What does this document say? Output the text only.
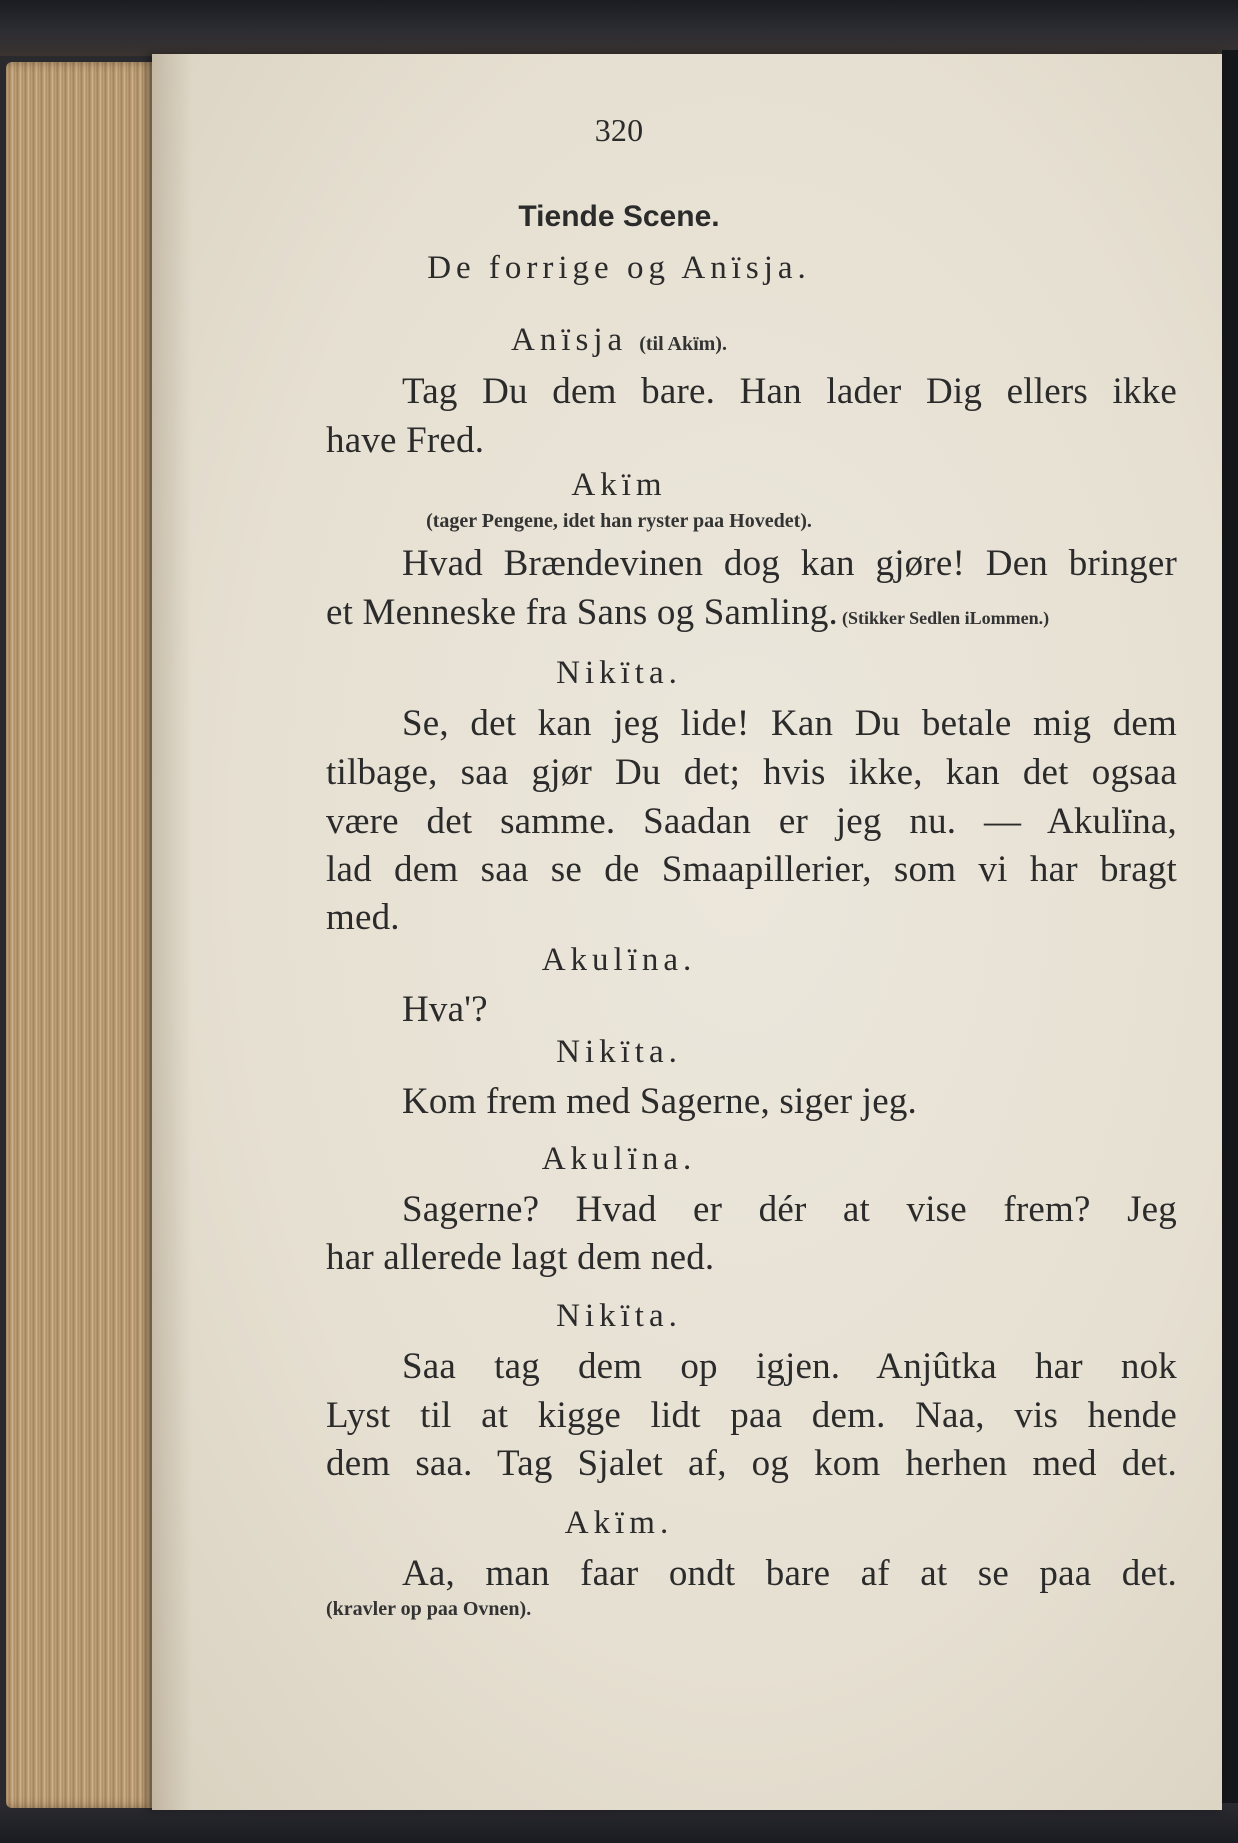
320
Tiende Scene.
De forrige og Anïsja.
Anïsja (til Akïm).
Tag Du dem bare. Han lader Dig ellers ikke
have Fred.
Akïm
(tager Pengene, idet han ryster paa Hovedet).
Hvad Brændevinen dog kan gjøre! Den bringer
et Menneske fra Sans og Samling. (Stikker Sedlen iLommen.)
Nikïta.
Se, det kan jeg lide! Kan Du betale mig dem
tilbage, saa gjør Du det; hvis ikke, kan det ogsaa
være det samme. Saadan er jeg nu. — Akulïna,
lad dem saa se de Smaapillerier, som vi har bragt
med.
Akulïna.
Hva'?
Nikïta.
Kom frem med Sagerne, siger jeg.
Akulïna.
Sagerne? Hvad er dér at vise frem? Jeg
har allerede lagt dem ned.
Nikïta.
Saa tag dem op igjen. Anjûtka har nok
Lyst til at kigge lidt paa dem. Naa, vis hende
dem saa. Tag Sjalet af, og kom herhen med det.
Akïm.
Aa, man faar ondt bare af at se paa det.
(kravler op paa Ovnen).
